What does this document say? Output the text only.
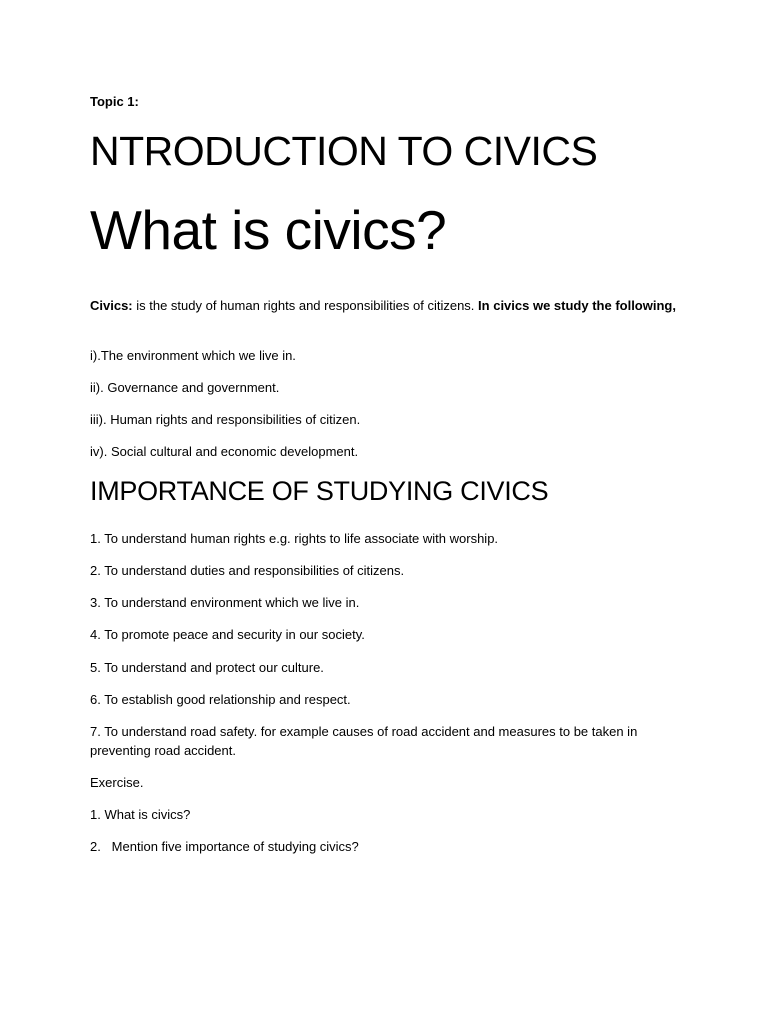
Topic 1:
NTRODUCTION TO CIVICS
What is civics?

Civics: is the study of human rights and responsibilities of citizens. In civics we study the following,

i).The environment which we live in.

ii). Governance and government.

iii). Human rights and responsibilities of citizen.

iv). Social cultural and economic development.

IMPORTANCE OF STUDYING CIVICS

1. To understand human rights e.g. rights to life associate with worship.

2. To understand duties and responsibilities of citizens.

3. To understand environment which we live in.

4. To promote peace and security in our society.

5. To understand and protect our culture.

6. To establish good relationship and respect.

7. To understand road safety. for example causes of road accident and measures to be taken in preventing road accident.

Exercise.

1. What is civics?

2.   Mention five importance of studying civics?
